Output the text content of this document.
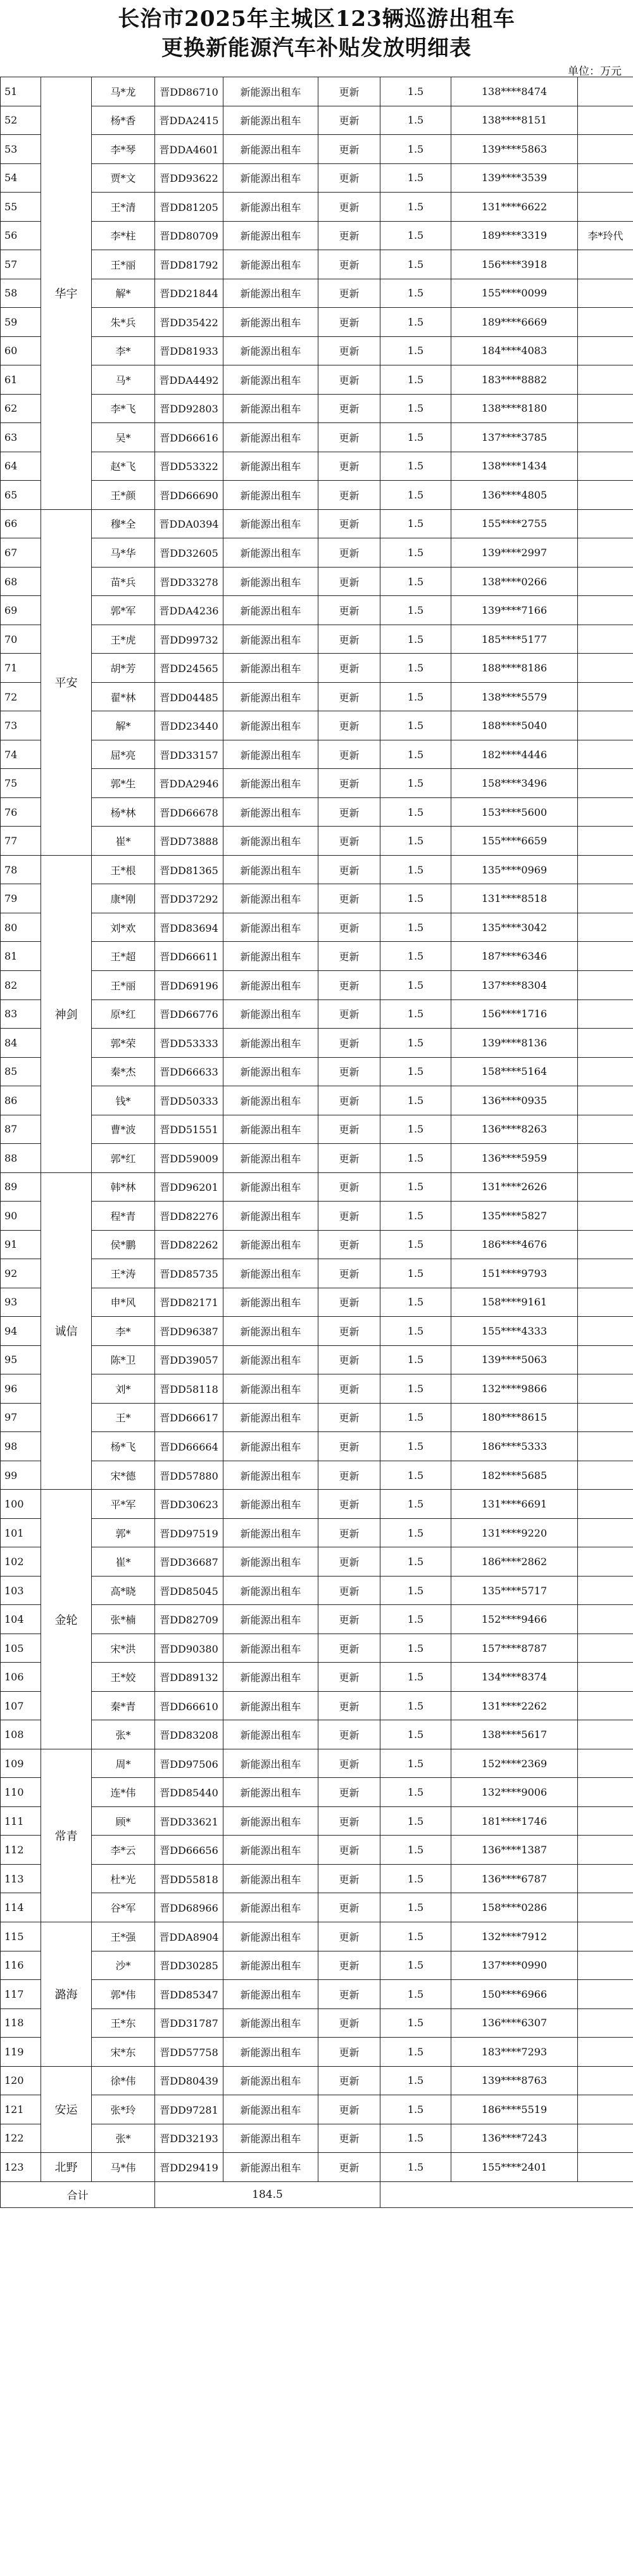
长治市2025年主城区123辆巡游出租车
更换新能源汽车补贴发放明细表
单位：万元
51	华宇	马*龙	晋DD86710	新能源出租车	更新	1.5	138****8474	
52		杨*香	晋DDA2415	新能源出租车	更新	1.5	138****8151	
53		李*琴	晋DDA4601	新能源出租车	更新	1.5	139****5863	
54		贾*文	晋DD93622	新能源出租车	更新	1.5	139****3539	
55		王*清	晋DD81205	新能源出租车	更新	1.5	131****6622	
56		李*柱	晋DD80709	新能源出租车	更新	1.5	189****3319	李*玲代
57		王*丽	晋DD81792	新能源出租车	更新	1.5	156****3918	
58		解*	晋DD21844	新能源出租车	更新	1.5	155****0099	
59		朱*兵	晋DD35422	新能源出租车	更新	1.5	189****6669	
60		李*	晋DD81933	新能源出租车	更新	1.5	184****4083	
61		马*	晋DDA4492	新能源出租车	更新	1.5	183****8882	
62		李*飞	晋DD92803	新能源出租车	更新	1.5	138****8180	
63		吴*	晋DD66616	新能源出租车	更新	1.5	137****3785	
64		赵*飞	晋DD53322	新能源出租车	更新	1.5	138****1434	
65		王*颜	晋DD66690	新能源出租车	更新	1.5	136****4805	
66	平安	穆*全	晋DDA0394	新能源出租车	更新	1.5	155****2755	
67		马*华	晋DD32605	新能源出租车	更新	1.5	139****2997	
68		苗*兵	晋DD33278	新能源出租车	更新	1.5	138****0266	
69		郭*军	晋DDA4236	新能源出租车	更新	1.5	139****7166	
70		王*虎	晋DD99732	新能源出租车	更新	1.5	185****5177	
71		胡*芳	晋DD24565	新能源出租车	更新	1.5	188****8186	
72		翟*林	晋DD04485	新能源出租车	更新	1.5	138****5579	
73		解*	晋DD23440	新能源出租车	更新	1.5	188****5040	
74		屈*亮	晋DD33157	新能源出租车	更新	1.5	182****4446	
75		郭*生	晋DDA2946	新能源出租车	更新	1.5	158****3496	
76		杨*林	晋DD66678	新能源出租车	更新	1.5	153****5600	
77		崔*	晋DD73888	新能源出租车	更新	1.5	155****6659	
78	神剑	王*根	晋DD81365	新能源出租车	更新	1.5	135****0969	
79		康*刚	晋DD37292	新能源出租车	更新	1.5	131****8518	
80		刘*欢	晋DD83694	新能源出租车	更新	1.5	135****3042	
81		王*超	晋DD66611	新能源出租车	更新	1.5	187****6346	
82		王*丽	晋DD69196	新能源出租车	更新	1.5	137****8304	
83		原*红	晋DD66776	新能源出租车	更新	1.5	156****1716	
84		郭*荣	晋DD53333	新能源出租车	更新	1.5	139****8136	
85		秦*杰	晋DD66633	新能源出租车	更新	1.5	158****5164	
86		钱*	晋DD50333	新能源出租车	更新	1.5	136****0935	
87		曹*波	晋DD51551	新能源出租车	更新	1.5	136****8263	
88		郭*红	晋DD59009	新能源出租车	更新	1.5	136****5959	
89	诚信	韩*林	晋DD96201	新能源出租车	更新	1.5	131****2626	
90		程*青	晋DD82276	新能源出租车	更新	1.5	135****5827	
91		侯*鹏	晋DD82262	新能源出租车	更新	1.5	186****4676	
92		王*涛	晋DD85735	新能源出租车	更新	1.5	151****9793	
93		申*风	晋DD82171	新能源出租车	更新	1.5	158****9161	
94		李*	晋DD96387	新能源出租车	更新	1.5	155****4333	
95		陈*卫	晋DD39057	新能源出租车	更新	1.5	139****5063	
96		刘*	晋DD58118	新能源出租车	更新	1.5	132****9866	
97		王*	晋DD66617	新能源出租车	更新	1.5	180****8615	
98		杨*飞	晋DD66664	新能源出租车	更新	1.5	186****5333	
99		宋*德	晋DD57880	新能源出租车	更新	1.5	182****5685	
100	金轮	平*军	晋DD30623	新能源出租车	更新	1.5	131****6691	
101		郭*	晋DD97519	新能源出租车	更新	1.5	131****9220	
102		崔*	晋DD36687	新能源出租车	更新	1.5	186****2862	
103		高*晓	晋DD85045	新能源出租车	更新	1.5	135****5717	
104		张*楠	晋DD82709	新能源出租车	更新	1.5	152****9466	
105		宋*洪	晋DD90380	新能源出租车	更新	1.5	157****8787	
106		王*姣	晋DD89132	新能源出租车	更新	1.5	134****8374	
107		秦*青	晋DD66610	新能源出租车	更新	1.5	131****2262	
108		张*	晋DD83208	新能源出租车	更新	1.5	138****5617	
109	常青	周*	晋DD97506	新能源出租车	更新	1.5	152****2369	
110		连*伟	晋DD85440	新能源出租车	更新	1.5	132****9006	
111		顾*	晋DD33621	新能源出租车	更新	1.5	181****1746	
112		李*云	晋DD66656	新能源出租车	更新	1.5	136****1387	
113		杜*光	晋DD55818	新能源出租车	更新	1.5	136****6787	
114		谷*军	晋DD68966	新能源出租车	更新	1.5	158****0286	
115	潞海	王*强	晋DDA8904	新能源出租车	更新	1.5	132****7912	
116		沙*	晋DD30285	新能源出租车	更新	1.5	137****0990	
117		郭*伟	晋DD85347	新能源出租车	更新	1.5	150****6966	
118		王*东	晋DD31787	新能源出租车	更新	1.5	136****6307	
119		宋*东	晋DD57758	新能源出租车	更新	1.5	183****7293	
120	安运	徐*伟	晋DD80439	新能源出租车	更新	1.5	139****8763	
121		张*玲	晋DD97281	新能源出租车	更新	1.5	186****5519	
122		张*	晋DD32193	新能源出租车	更新	1.5	136****7243	
123	北野	马*伟	晋DD29419	新能源出租车	更新	1.5	155****2401	
合计			184.5					
